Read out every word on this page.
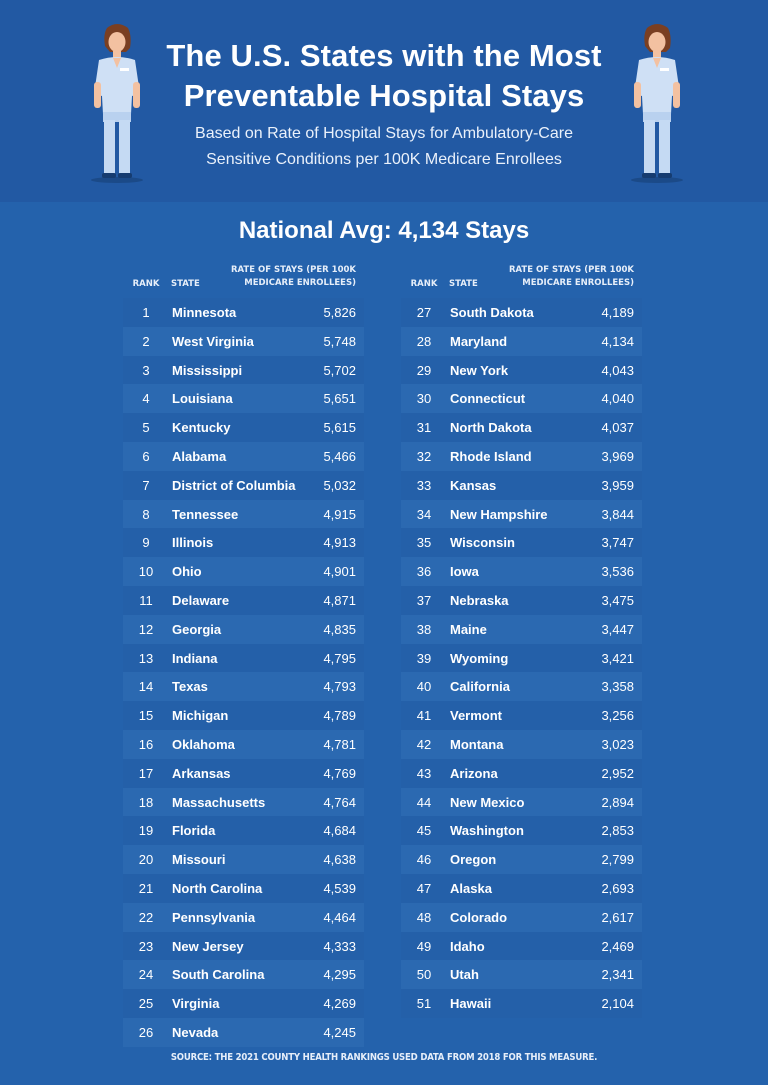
The U.S. States with the Most
Preventable Hospital Stays
Based on Rate of Hospital Stays for Ambulatory-Care
Sensitive Conditions per 100K Medicare Enrollees
National Avg: 4,134 Stays
RANK STATE
RATE OF STAYS (PER 100K
MEDICARE ENROLLEES)	RANK STATE
RATE OF STAYS (PER 100K
MEDICARE ENROLLEES)
1	Minnesota	5,826
2	West Virginia	5,748
3	Mississippi	5,702
4	Louisiana	5,651
5	Kentucky	5,615
6	Alabama	5,466
7	District of Columbia 5,032
8	Tennessee	4,915
9	Illinois	4,913
10	Ohio	4,901
11	Delaware	4,871
12	Georgia	4,835
13	Indiana	4,795
14	Texas	4,793
15	Michigan	4,789
16	Oklahoma	4,781
17	Arkansas	4,769
18	Massachusetts	4,764
19	Florida	4,684
20	Missouri	4,638
21	North Carolina	4,539
22	Pennsylvania	4,464
23	New Jersey	4,333
24	South Carolina	4,295
25	Virginia	4,269
26	Nevada	4,245
27	South Dakota	4,189
28	Maryland	4,134
29	New York	4,043
30	Connecticut	4,040
31	North Dakota	4,037
32	Rhode Island	3,969
33	Kansas	3,959
34	New Hampshire	3,844
35	Wisconsin	3,747
36	Iowa	3,536
37	Nebraska	3,475
38	Maine	3,447
39	Wyoming	3,421
40	California	3,358
41	Vermont	3,256
42	Montana	3,023
43	Arizona	2,952
44	New Mexico	2,894
45	Washington	2,853
46	Oregon	2,799
47	Alaska	2,693
48	Colorado	2,617
49	Idaho	2,469
50	Utah	2,341
51	Hawaii	2,104
SOURCE: THE 2021 COUNTY HEALTH RANKINGS USED DATA FROM 2018 FOR THIS MEASURE.
